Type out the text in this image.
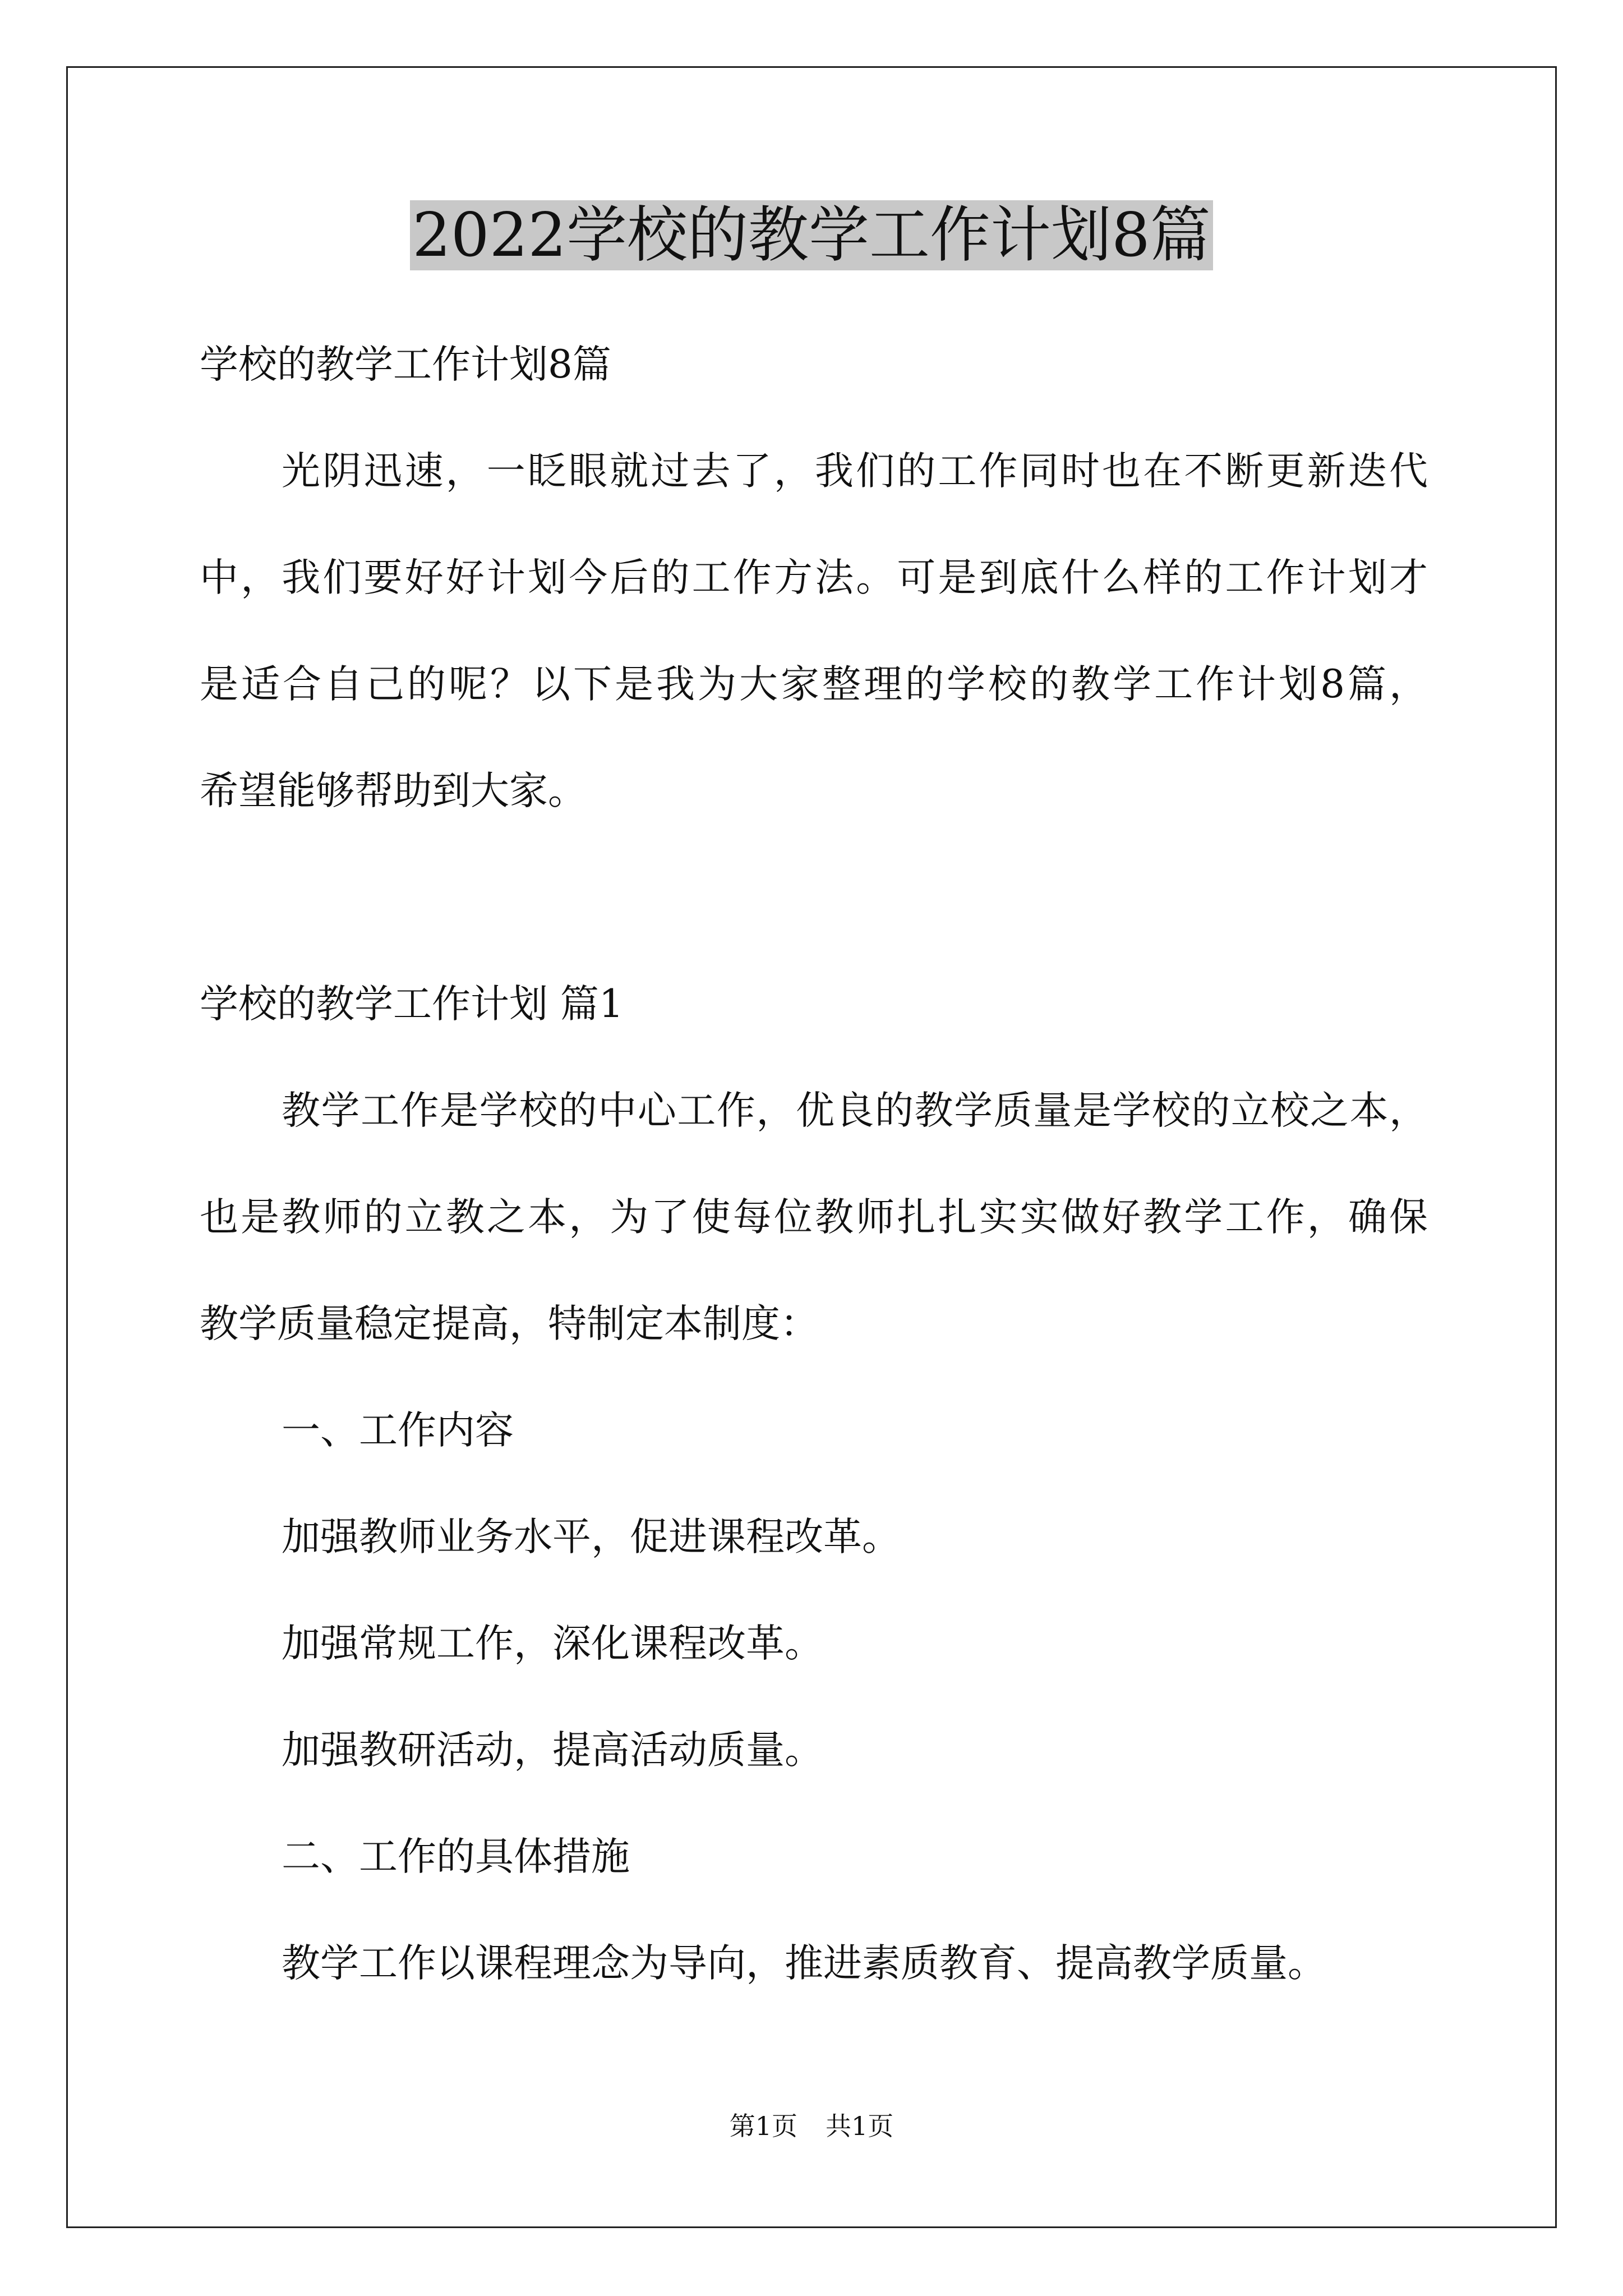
2022学校的教学工作计划8篇
学校的教学工作计划8篇
光阴迅速，一眨眼就过去了，我们的工作同时也在不断更新迭代
中，我们要好好计划今后的工作方法。可是到底什么样的工作计划才
是适合自己的呢？以下是我为大家整理的学校的教学工作计划8篇，
希望能够帮助到大家。
学校的教学工作计划 篇1
教学工作是学校的中心工作，优良的教学质量是学校的立校之本，
也是教师的立教之本，为了使每位教师扎扎实实做好教学工作，确保
教学质量稳定提高，特制定本制度：
一、工作内容
加强教师业务水平，促进课程改革。
加强常规工作，深化课程改革。
加强教研活动，提高活动质量。
二、工作的具体措施
教学工作以课程理念为导向，推进素质教育、提高教学质量。
第1页 共1页
